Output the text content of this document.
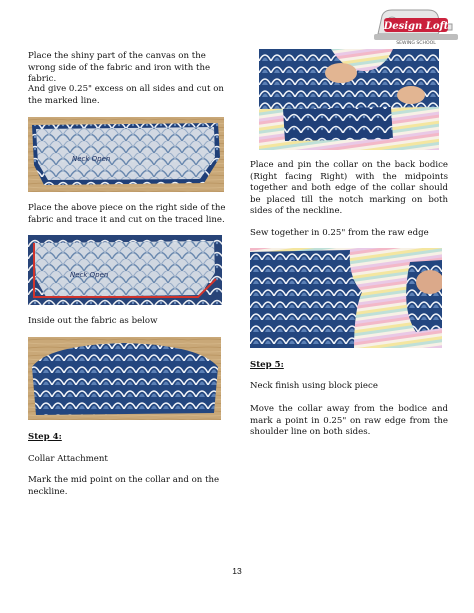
Design Loft
SEWING SCHOOL

Place the shiny part of the canvas on the wrong side of the fabric and iron with the fabric.

And give 0.25" excess on all sides and cut on the marked line.

Neck Open

Place the above piece on the right side of the fabric and trace it and cut on the traced line.

Neck Open

Inside out the fabric as below

Step 4:

Collar Attachment

Mark the mid point on the collar and on the neckline.

Place and pin the collar on the back bodice (Right facing Right) with the midpoints together and both edge of the collar should be placed till the notch marking on both sides of the neckline.

Sew together in 0.25" from the raw edge

Step 5:

Neck finish using block piece

Move the collar away from the bodice and mark a point in 0.25" on raw edge from the shoulder line on both sides.

13
